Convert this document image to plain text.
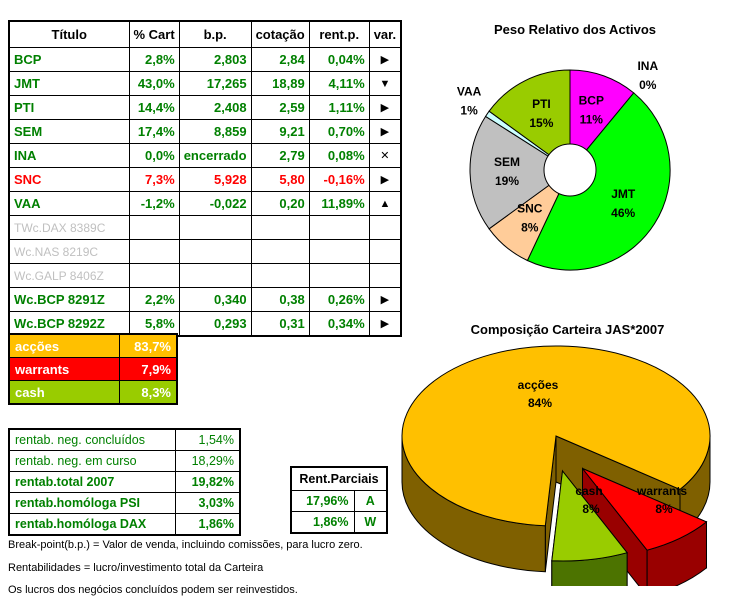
Título	% Cart	b.p.	cotação	rent.p.	var.
BCP	2,8%	2,803	2,84	0,04%	▶
JMT	43,0%	17,265	18,89	4,11%	▼
PTI	14,4%	2,408	2,59	1,11%	▶
SEM	17,4%	8,859	9,21	0,70%	▶
INA	0,0%	encerrado	2,79	0,08%	✕
SNC	7,3%	5,928	5,80	-0,16%	▶
VAA	-1,2%	-0,022	0,20	11,89%	▲
TWc.DAX 8389C					
Wc.NAS 8219C					
Wc.GALP 8406Z					
Wc.BCP 8291Z	2,2%	0,340	0,38	0,26%	▶
Wc.BCP 8292Z	5,8%	0,293	0,31	0,34%	▶
acções	83,7%
warrants	7,9%
cash	8,3%
rentab. neg. concluídos	1,54%
rentab. neg. em curso	18,29%
rentab.total 2007	19,82%
rentab.homóloga PSI	3,03%
rentab.homóloga DAX	1,86%
Rent.Parciais	
17,96%	A
1,86%	W
Break-point(b.p.) = Valor de venda, incluindo comissões, para lucro zero.
Rentabilidades = lucro/investimento total da Carteira
Os lucros dos negócios concluídos podem ser reinvestidos.
Peso Relativo dos Activos
BCP
11%
INA
0%
JMT
46%
SNC
8%
SEM
19%
VAA
1%	PTI
15%
Composição Carteira JAS*2007
acções
84%
cash
8%
warrants
8%
